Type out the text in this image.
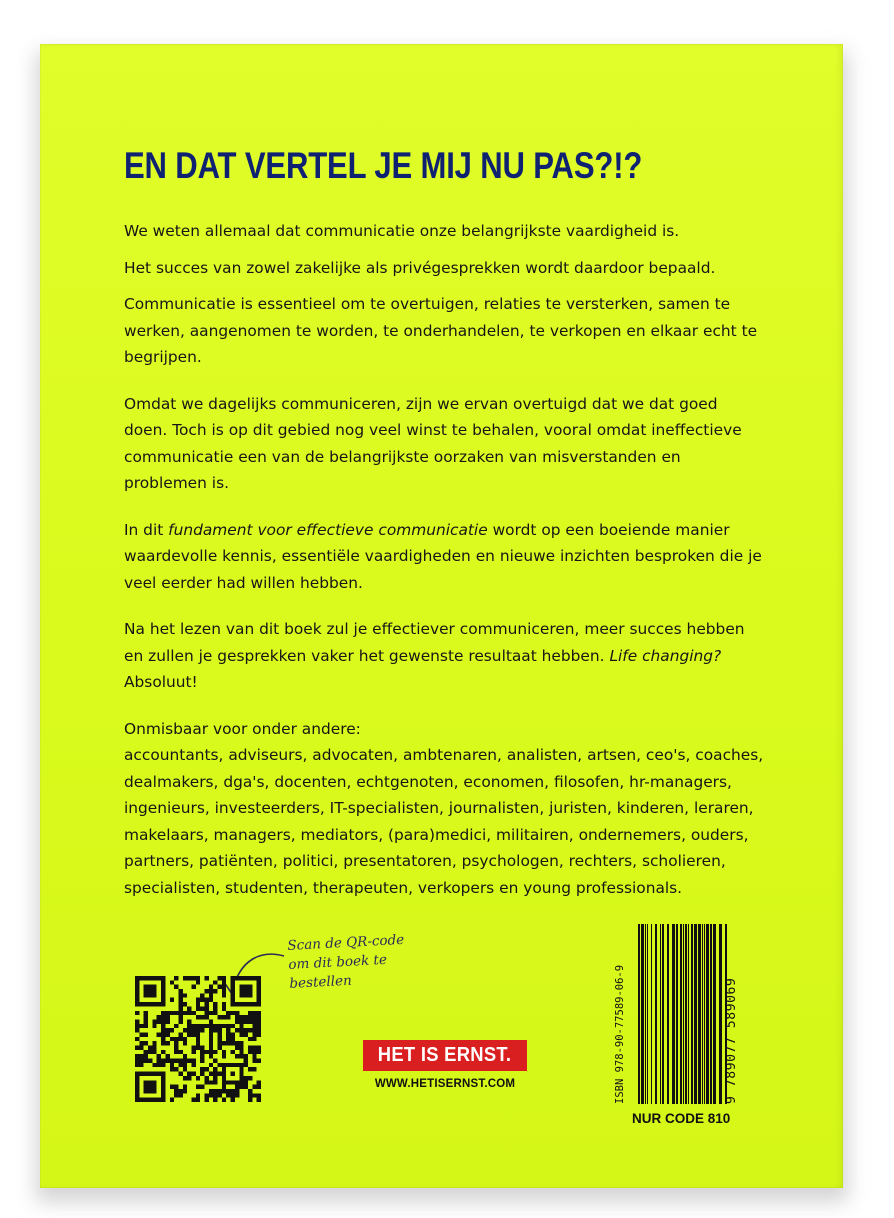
EN DAT VERTEL JE MIJ NU PAS?!?

We weten allemaal dat communicatie onze belangrijkste vaardigheid is.

Het succes van zowel zakelijke als privégesprekken wordt daardoor bepaald.

Communicatie is essentieel om te overtuigen, relaties te versterken, samen te werken, aangenomen te worden, te onderhandelen, te verkopen en elkaar echt te begrijpen.

Omdat we dagelijks communiceren, zijn we ervan overtuigd dat we dat goed doen. Toch is op dit gebied nog veel winst te behalen, vooral omdat ineffectieve communicatie een van de belangrijkste oorzaken van misverstanden en problemen is.

In dit fundament voor effectieve communicatie wordt op een boeiende manier waardevolle kennis, essentiële vaardigheden en nieuwe inzichten besproken die je veel eerder had willen hebben.

Na het lezen van dit boek zul je effectiever communiceren, meer succes hebben en zullen je gesprekken vaker het gewenste resultaat hebben. Life changing? Absoluut!

Onmisbaar voor onder andere:

accountants, adviseurs, advocaten, ambtenaren, analisten, artsen, ceo's, coaches, dealmakers, dga's, docenten, echtgenoten, economen, filosofen, hr-managers, ingenieurs, investeerders, IT-specialisten, journalisten, juristen, kinderen, leraren, makelaars, managers, mediators, (para)medici, militairen, ondernemers, ouders, partners, patiënten, politici, presentatoren, psychologen, rechters, scholieren, specialisten, studenten, therapeuten, verkopers en young professionals.

Scan de QR-code
om dit boek te
bestellen
HET IS ERNST.
WWW.HETISERNST.COM	ISBN 978-90-77589-06-9	9 789077 589069
NUR CODE 810
